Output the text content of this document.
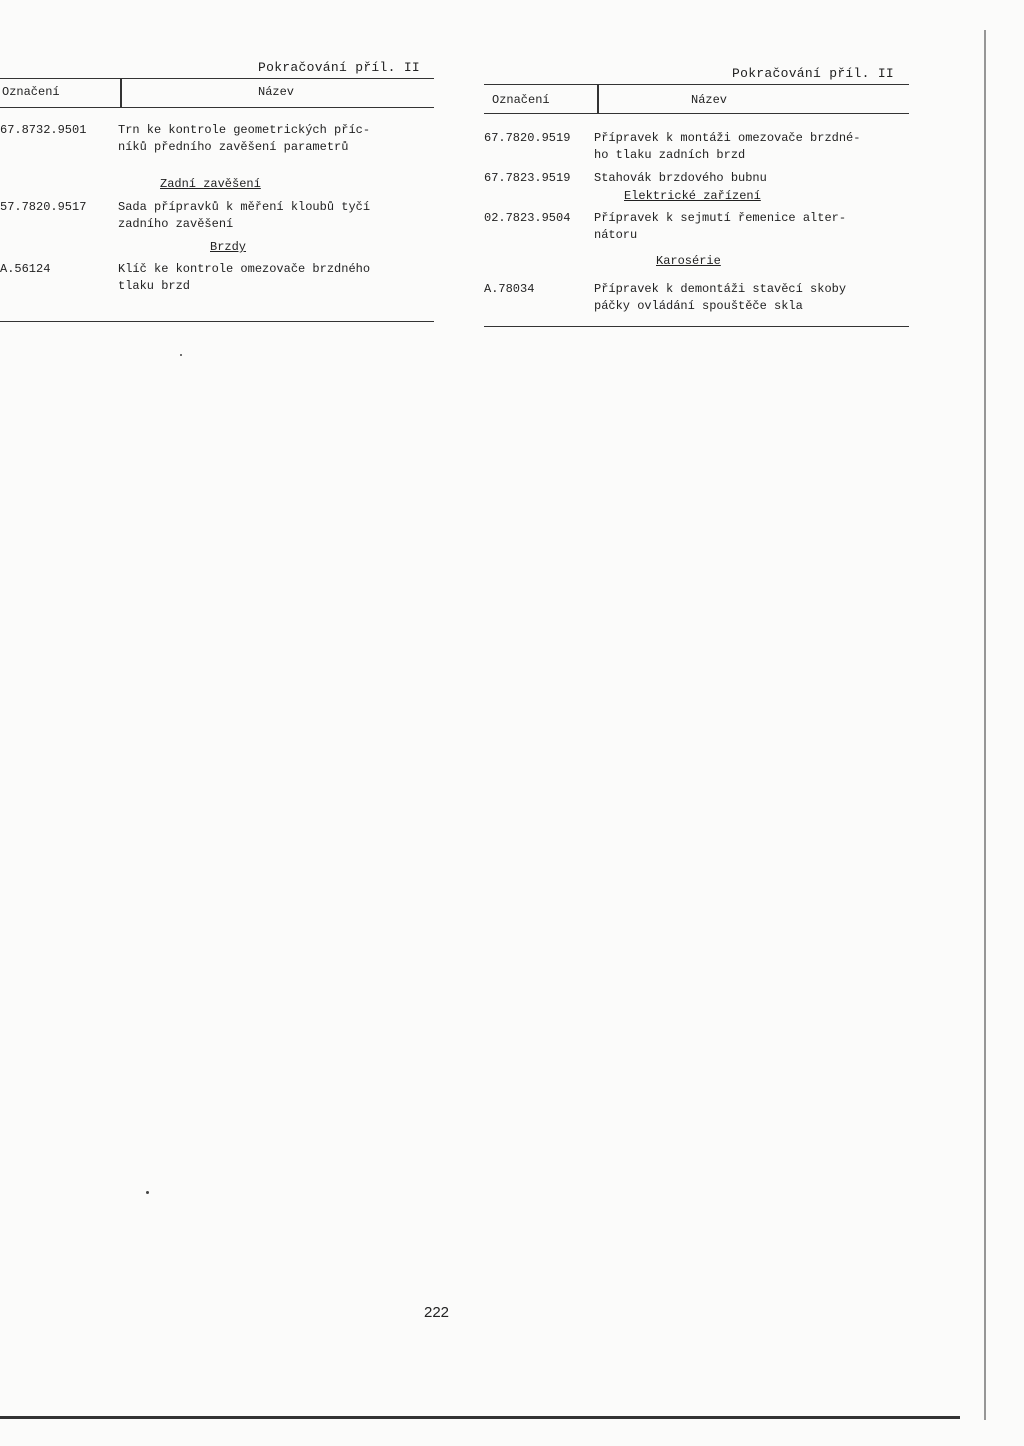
Pokračování příl. II
Označení	Název
67.8732.9501	Trn ke kontrole geometrických příc-
níků předního zavěšení parametrů
Zadní zavěšení
57.7820.9517	Sada přípravků k měření kloubů tyčí
zadního zavěšení
Brzdy
A.56124	Klíč ke kontrole omezovače brzdného
tlaku brzd
Pokračování příl. II
Označení	Název
67.7820.9519 Přípravek k montáži omezovače brzdné-
ho tlaku zadních brzd
67.7823.9519 Stahovák brzdového bubnu
Elektrické zařízení
02.7823.9504 Přípravek k sejmutí řemenice alter-
nátoru
Karosérie
A.78034	Přípravek k demontáži stavěcí skoby
páčky ovládání spouštěče skla
222
